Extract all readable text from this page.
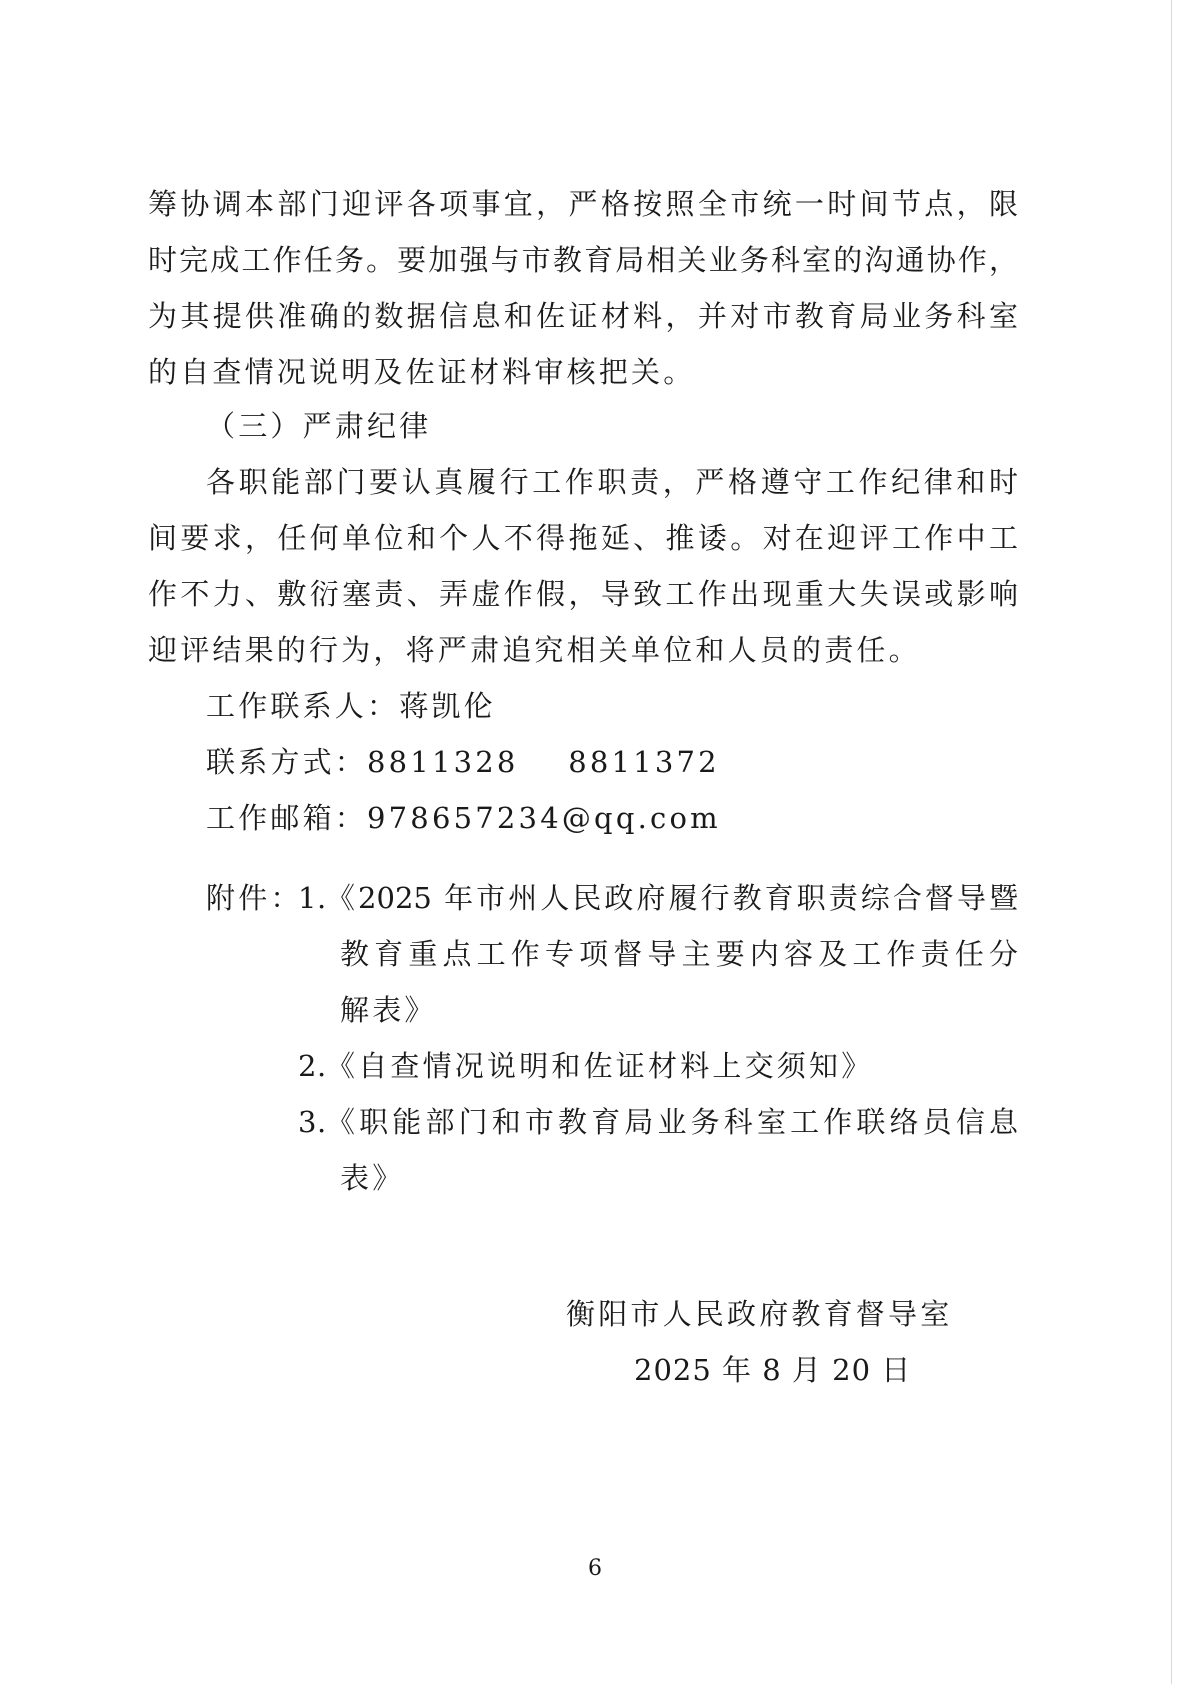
筹协调本部门迎评各项事宜，严格按照全市统一时间节点，限
时完成工作任务。要加强与市教育局相关业务科室的沟通协作，
为其提供准确的数据信息和佐证材料，并对市教育局业务科室
的自查情况说明及佐证材料审核把关。
（三）严肃纪律
各职能部门要认真履行工作职责，严格遵守工作纪律和时
间要求，任何单位和个人不得拖延、推诿。对在迎评工作中工
作不力、敷衍塞责、弄虚作假，导致工作出现重大失误或影响
迎评结果的行为，将严肃追究相关单位和人员的责任。
工作联系人：蒋凯伦
联系方式：8811328    8811372
工作邮箱：978657234@qq.com
附件：
1. 《2025 年市州人民政府履行教育职责综合督导暨
教育重点工作专项督导主要内容及工作责任分
解表》
2. 《自查情况说明和佐证材料上交须知》
3. 《职能部门和市教育局业务科室工作联络员信息
表》
衡阳市人民政府教育督导室
2025 年 8 月 20 日
6
